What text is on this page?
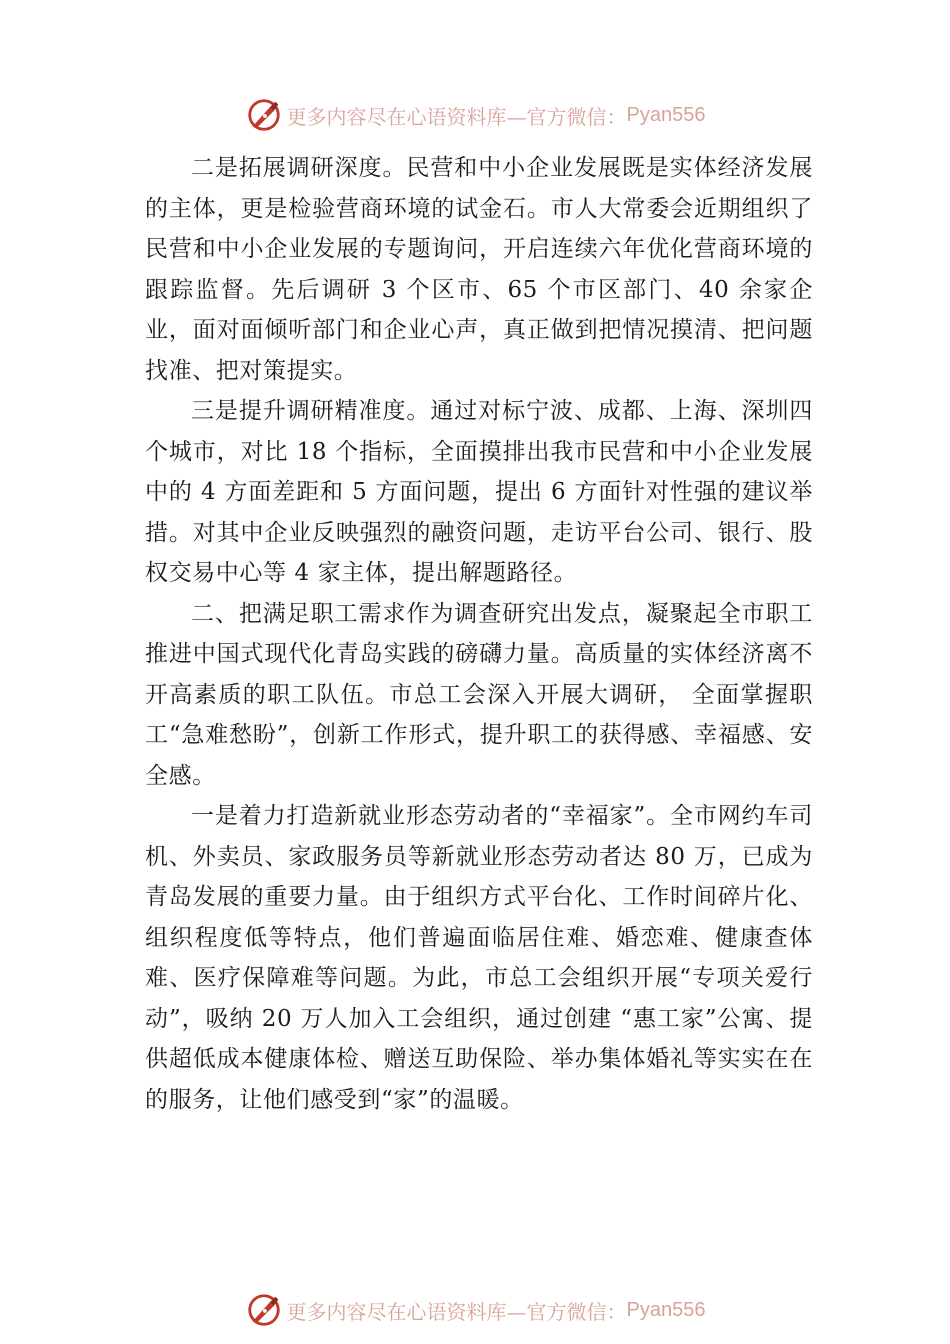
更多内容尽在心语资料库—官方微信： Pyan556

二是拓展调研深度。民营和中小企业发展既是实体经济发展的主体，更是检验营商环境的试金石。市人大常委会近期组织了民营和中小企业发展的专题询问，开启连续六年优化营商环境的跟踪监督。先后调研 3 个区市、65 个市区部门、40 余家企业，面对面倾听部门和企业心声，真正做到把情况摸清、把问题找准、把对策提实。

三是提升调研精准度。通过对标宁波、成都、上海、深圳四个城市，对比 18 个指标，全面摸排出我市民营和中小企业发展中的 4 方面差距和 5 方面问题，提出 6 方面针对性强的建议举措。对其中企业反映强烈的融资问题，走访平台公司、银行、股权交易中心等 4 家主体，提出解题路径。

二、把满足职工需求作为调查研究出发点，凝聚起全市职工推进中国式现代化青岛实践的磅礴力量。高质量的实体经济离不开高素质的职工队伍。市总工会深入开展大调研， 全面掌握职工“急难愁盼”，创新工作形式，提升职工的获得感、幸福感、安全感。

一是着力打造新就业形态劳动者的“幸福家”。全市网约车司机、外卖员、家政服务员等新就业形态劳动者达 80 万，已成为青岛发展的重要力量。由于组织方式平台化、工作时间碎片化、组织程度低等特点，他们普遍面临居住难、婚恋难、健康查体难、医疗保障难等问题。为此，市总工会组织开展“专项关爱行动”，吸纳 20 万人加入工会组织，通过创建 “惠工家”公寓、提供超低成本健康体检、赠送互助保险、举办集体婚礼等实实在在的服务，让他们感受到“家”的温暖。

更多内容尽在心语资料库—官方微信： Pyan556
